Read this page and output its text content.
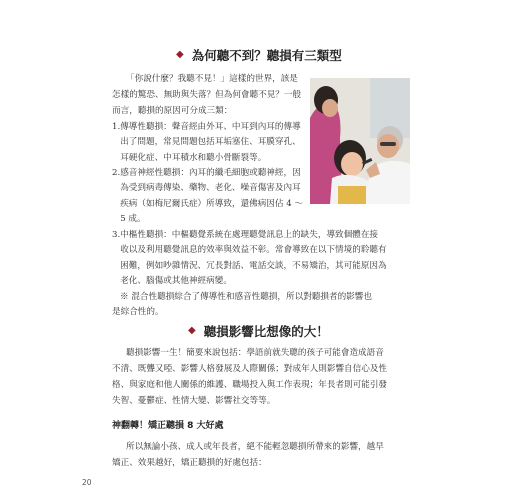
◆ 為何聽不到？聽損有三類型

「你說什麼？我聽不見！」這樣的世界，該是

怎樣的驚恐、無助與失落？但為何會聽不見？一般

而言，聽損的原因可分成三類：

1. 傳導性聽損：聲音經由外耳、中耳到內耳的傳導
出了問題，常見問題包括耳垢塞住、耳膜穿孔、
耳硬化症、中耳積水和聽小骨斷裂等。
2. 感音神經性聽損：內耳的纖毛細胞或聽神經，因
為受到病毒傳染、藥物、老化、噪音傷害及內耳
疾病（如梅尼爾氏症）所導致，還佛病因佔 4 ～
5 成。
3. 中樞性聽損：中樞聽覺系統在處理聽覺訊息上的缺失，導致個體在接
收以及利用聽覺訊息的效率與效益不彰。常會導致在以下情境的聆聽有
困難，例如吵雜情況、冗長對話、電話交談，不易矯治，其可能原因為
老化、腦傷或其他神經病變。

※ 混合性聽損綜合了傳導性和感音性聽損，所以對聽損者的影響也

是綜合性的。

◆ 聽損影響比想像的大！

聽損影響一生！簡要來說包括：學語前就失聰的孩子可能會造成語音

不清、既聾又啞、影響人格發展及人際關係；對成年人則影響自信心及性

格、與家庭和他人關係的維護、職場投入與工作表現；年長者則可能引發

失智、憂鬱症、性情大變、影響社交等等。

神翻轉！矯正聽損 8 大好處

所以無論小孩、成人或年長者，絕不能輕忽聽損所帶來的影響，越早

矯正、效果越好，矯正聽損的好處包括：

20
